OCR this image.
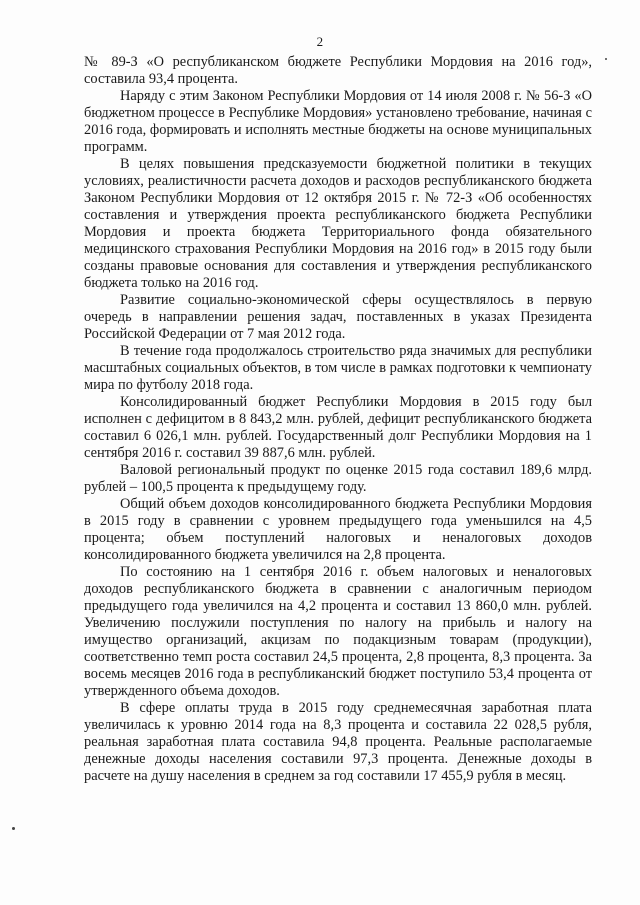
2

№ 89-З «О республиканском бюджете Республики Мордовия на 2016 год», составила 93,4 процента.

Наряду с этим Законом Республики Мордовия от 14 июля 2008 г. № 56-З «О бюджетном процессе в Республике Мордовия» установлено требование, начиная с 2016 года, формировать и исполнять местные бюджеты на основе муниципальных программ.

В целях повышения предсказуемости бюджетной политики в текущих условиях, реалистичности расчета доходов и расходов республиканского бюджета Законом Республики Мордовия от 12 октября 2015 г. № 72-З «Об особенностях составления и утверждения проекта республиканского бюджета Республики Мордовия и проекта бюджета Территориального фонда обязательного медицинского страхования Республики Мордовия на 2016 год» в 2015 году были созданы правовые основания для составления и утверждения республиканского бюджета только на 2016 год.

Развитие социально-экономической сферы осуществлялось в первую очередь в направлении решения задач, поставленных в указах Президента Российской Федерации от 7 мая 2012 года.

В течение года продолжалось строительство ряда значимых для республики масштабных социальных объектов, в том числе в рамках подготовки к чемпионату мира по футболу 2018 года.

Консолидированный бюджет Республики Мордовия в 2015 году был исполнен с дефицитом в 8 843,2 млн. рублей, дефицит республиканского бюджета составил 6 026,1 млн. рублей. Государственный долг Республики Мордовия на 1 сентября 2016 г. составил 39 887,6 млн. рублей.

Валовой региональный продукт по оценке 2015 года составил 189,6 млрд. рублей – 100,5 процента к предыдущему году.

Общий объем доходов консолидированного бюджета Республики Мордовия в 2015 году в сравнении с уровнем предыдущего года уменьшился на 4,5 процента; объем поступлений налоговых и неналоговых доходов консолидированного бюджета увеличился на 2,8 процента.

По состоянию на 1 сентября 2016 г. объем налоговых и неналоговых доходов республиканского бюджета в сравнении с аналогичным периодом предыдущего года увеличился на 4,2 процента и составил 13 860,0 млн. рублей. Увеличению послужили поступления по налогу на прибыль и налогу на имущество организаций, акцизам по подакцизным товарам (продукции), соответственно темп роста составил 24,5 процента, 2,8 процента, 8,3 процента. За восемь месяцев 2016 года в республиканский бюджет поступило 53,4 процента от утвержденного объема доходов.

В сфере оплаты труда в 2015 году среднемесячная заработная плата увеличилась к уровню 2014 года на 8,3 процента и составила 22 028,5 рубля, реальная заработная плата составила 94,8 процента. Реальные располагаемые денежные доходы населения составили 97,3 процента. Денежные доходы в расчете на душу населения в среднем за год составили 17 455,9 рубля в месяц.
